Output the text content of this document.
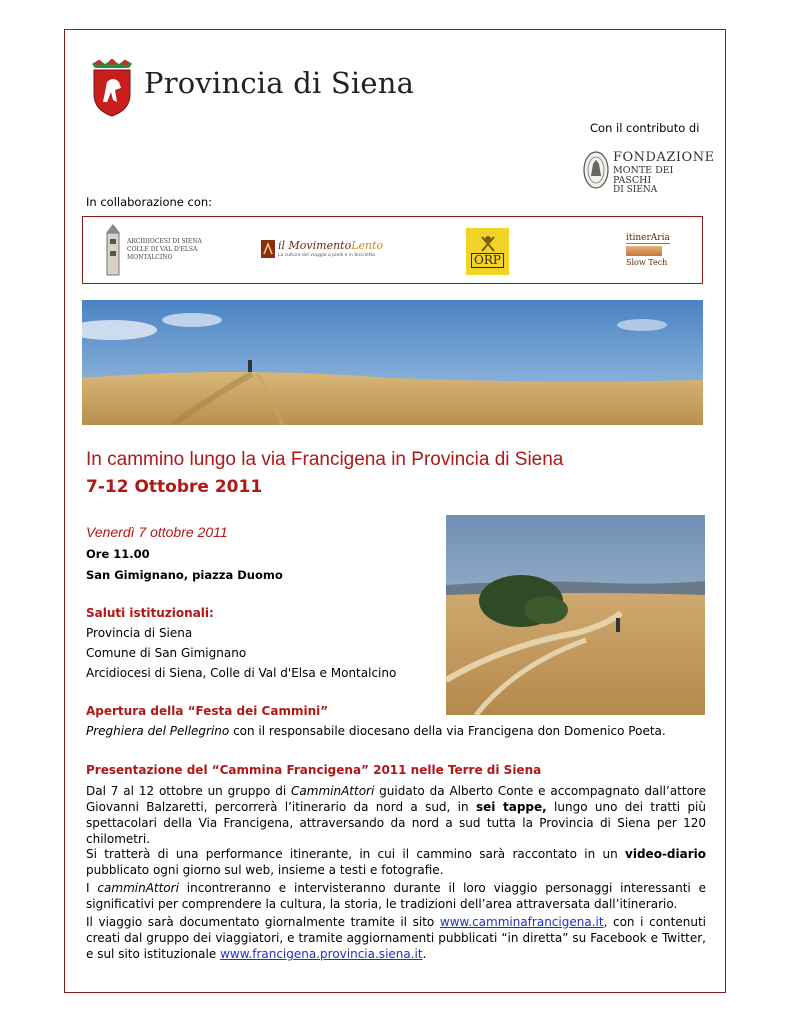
Provincia di Siena
Con il contributo di
FONDAZIONE
MONTE DEI PASCHI
DI SIENA
In collaborazione con:
ARCIDIOCESI DI SIENA
COLLE DI VAL D'ELSA
MONTALCINO
il MovimentoLento
La cultura del viaggio a piedi e in bicicletta	ORP
itinerAria
Slow Tech
In cammino lungo la via Francigena in Provincia di Siena
7-12 Ottobre 2011
Venerdì 7 ottobre 2011
Ore 11.00
San Gimignano, piazza Duomo
Saluti istituzionali:
Provincia di Siena
Comune di San Gimignano
Arcidiocesi di Siena, Colle di Val d'Elsa e Montalcino
Apertura della “Festa dei Cammini”
Preghiera del Pellegrino con il responsabile diocesano della via Francigena don Domenico Poeta.
Presentazione del “Cammina Francigena” 2011 nelle Terre di Siena
Dal 7 al 12 ottobre un gruppo di CamminAttori guidato da Alberto Conte e accompagnato dall’attore Giovanni Balzaretti, percorrerà l’itinerario da nord a sud, in sei tappe, lungo uno dei tratti più spettacolari della Via Francigena, attraversando da nord a sud tutta la Provincia di Siena per 120 chilometri.
Si tratterà di una performance itinerante, in cui il cammino sarà raccontato in un video-diario pubblicato ogni giorno sul web, insieme a testi e fotografie.
I camminAttori incontreranno e intervisteranno durante il loro viaggio personaggi interessanti e significativi per comprendere la cultura, la storia, le tradizioni dell’area attraversata dall’itinerario.
Il viaggio sarà documentato giornalmente tramite il sito www.camminafrancigena.it, con i contenuti creati dal gruppo dei viaggiatori, e tramite aggiornamenti pubblicati “in diretta” su Facebook e Twitter, e sul sito istituzionale www.francigena.provincia.siena.it.
